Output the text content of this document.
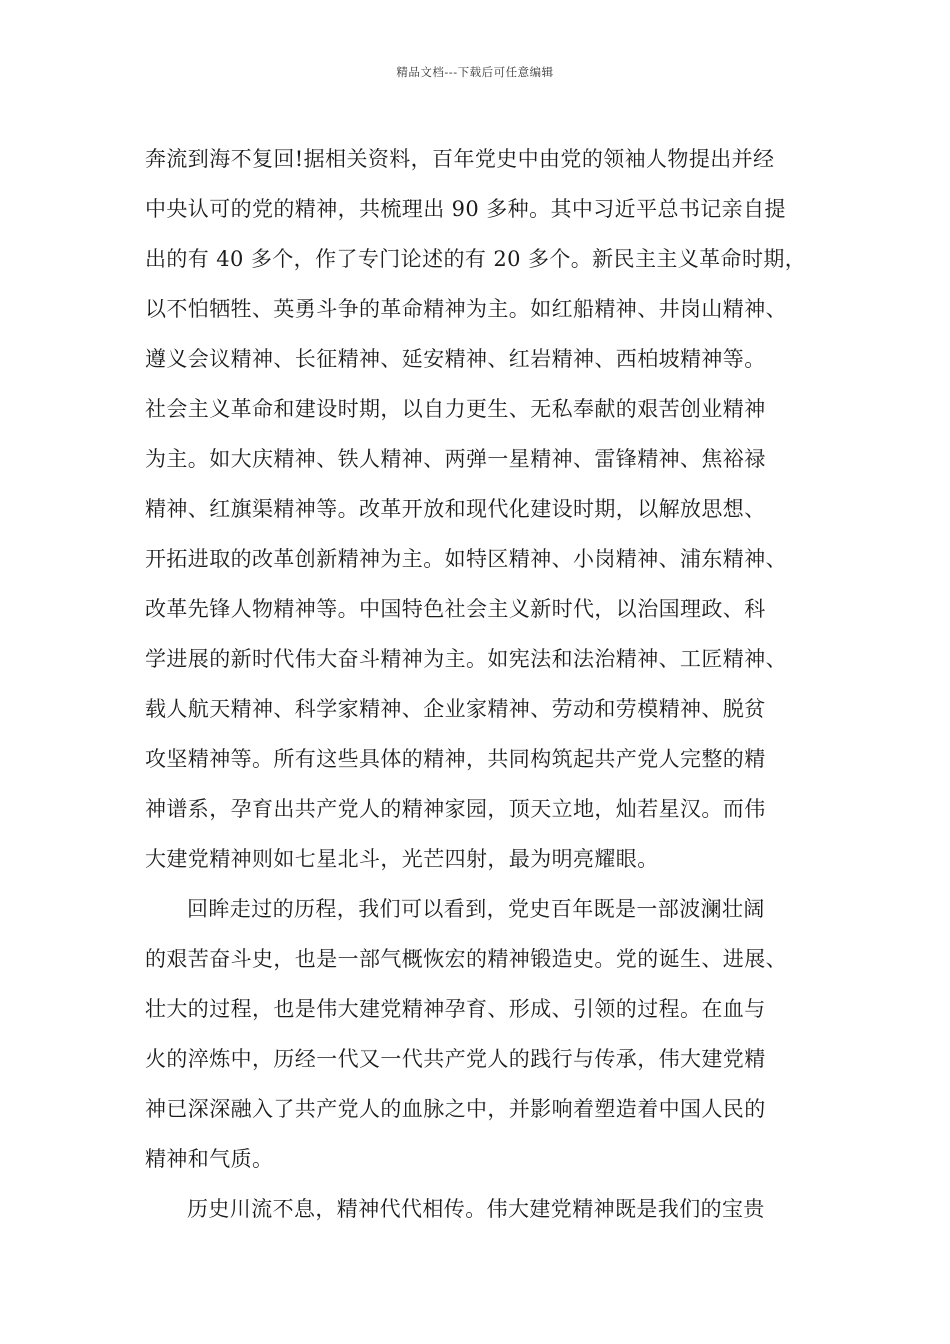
精品文档---下载后可任意编辑
奔流到海不复回!据相关资料，百年党史中由党的领袖人物提出并经
中央认可的党的精神，共梳理出 90 多种。其中习近平总书记亲自提
出的有 40 多个，作了专门论述的有 20 多个。新民主主义革命时期，
以不怕牺牲、英勇斗争的革命精神为主。如红船精神、井岗山精神、
遵义会议精神、长征精神、延安精神、红岩精神、西柏坡精神等。
社会主义革命和建设时期，以自力更生、无私奉献的艰苦创业精神
为主。如大庆精神、铁人精神、两弹一星精神、雷锋精神、焦裕禄
精神、红旗渠精神等。改革开放和现代化建设时期，以解放思想、
开拓进取的改革创新精神为主。如特区精神、小岗精神、浦东精神、
改革先锋人物精神等。中国特色社会主义新时代，以治国理政、科
学进展的新时代伟大奋斗精神为主。如宪法和法治精神、工匠精神、
载人航天精神、科学家精神、企业家精神、劳动和劳模精神、脱贫
攻坚精神等。所有这些具体的精神，共同构筑起共产党人完整的精
神谱系，孕育出共产党人的精神家园，顶天立地，灿若星汉。而伟
大建党精神则如七星北斗，光芒四射，最为明亮耀眼。
回眸走过的历程，我们可以看到，党史百年既是一部波澜壮阔
的艰苦奋斗史，也是一部气概恢宏的精神锻造史。党的诞生、进展、
壮大的过程，也是伟大建党精神孕育、形成、引领的过程。在血与
火的淬炼中，历经一代又一代共产党人的践行与传承，伟大建党精
神已深深融入了共产党人的血脉之中，并影响着塑造着中国人民的
精神和气质。
历史川流不息，精神代代相传。伟大建党精神既是我们的宝贵
